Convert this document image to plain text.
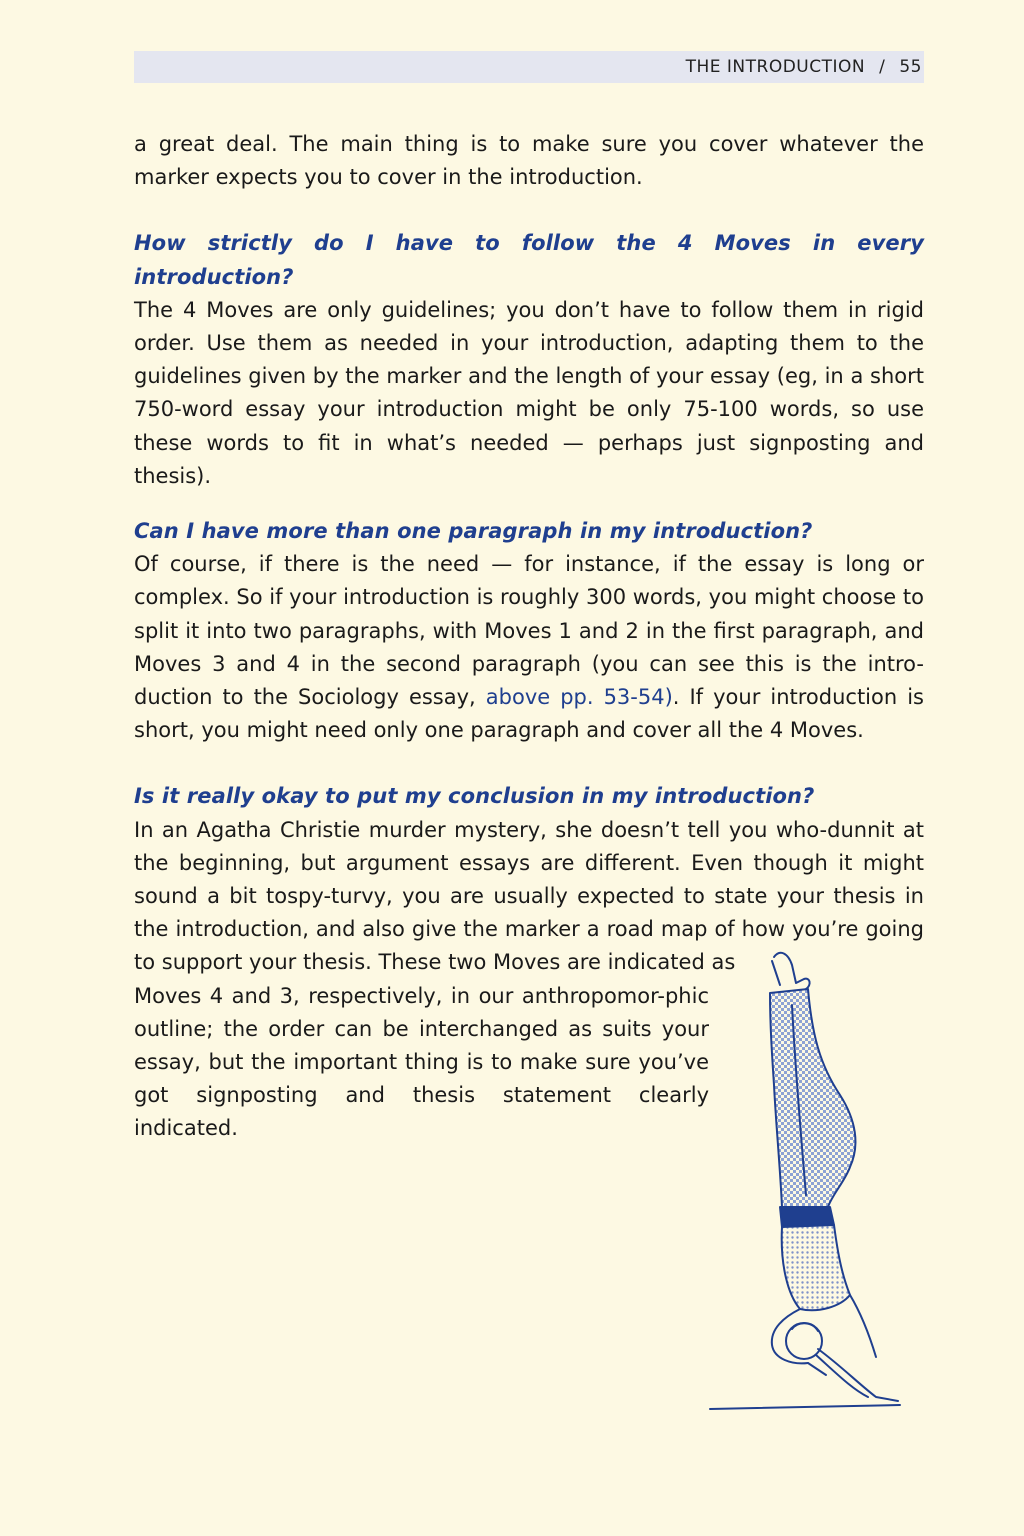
THE INTRODUCTION / 55

a great deal. The main thing is to make sure you cover whatever the marker expects you to cover in the introduction.

How strictly do I have to follow the 4 Moves in every introduction?

The 4 Moves are only guidelines; you don’t have to follow them in rigid order. Use them as needed in your introduction, adapting them to the guidelines given by the marker and the length of your essay (eg, in a short 750-word essay your introduction might be only 75-100 words, so use these words to fit in what’s needed — perhaps just signposting and thesis).

Can I have more than one paragraph in my introduction?

Of course, if there is the need — for instance, if the essay is long or complex. So if your introduction is roughly 300 words, you might choose to split it into two paragraphs, with Moves 1 and 2 in the first paragraph, and Moves 3 and 4 in the second paragraph (you can see this is the intro-duction to the Sociology essay, above pp. 53-54). If your introduction is short, you might need only one paragraph and cover all the 4 Moves.

Is it really okay to put my conclusion in my introduction?

In an Agatha Christie murder mystery, she doesn’t tell you who-dunnit at the beginning, but argument essays are different. Even though it might sound a bit tospy-turvy, you are usually expected to state your thesis in the introduction, and also give the marker a road map of how you’re going to support your thesis. These two Moves are indicated as

Moves 4 and 3, respectively, in our anthropomor-phic outline; the order can be interchanged as suits your essay, but the important thing is to make sure you’ve got signposting and thesis statement clearly indicated.
